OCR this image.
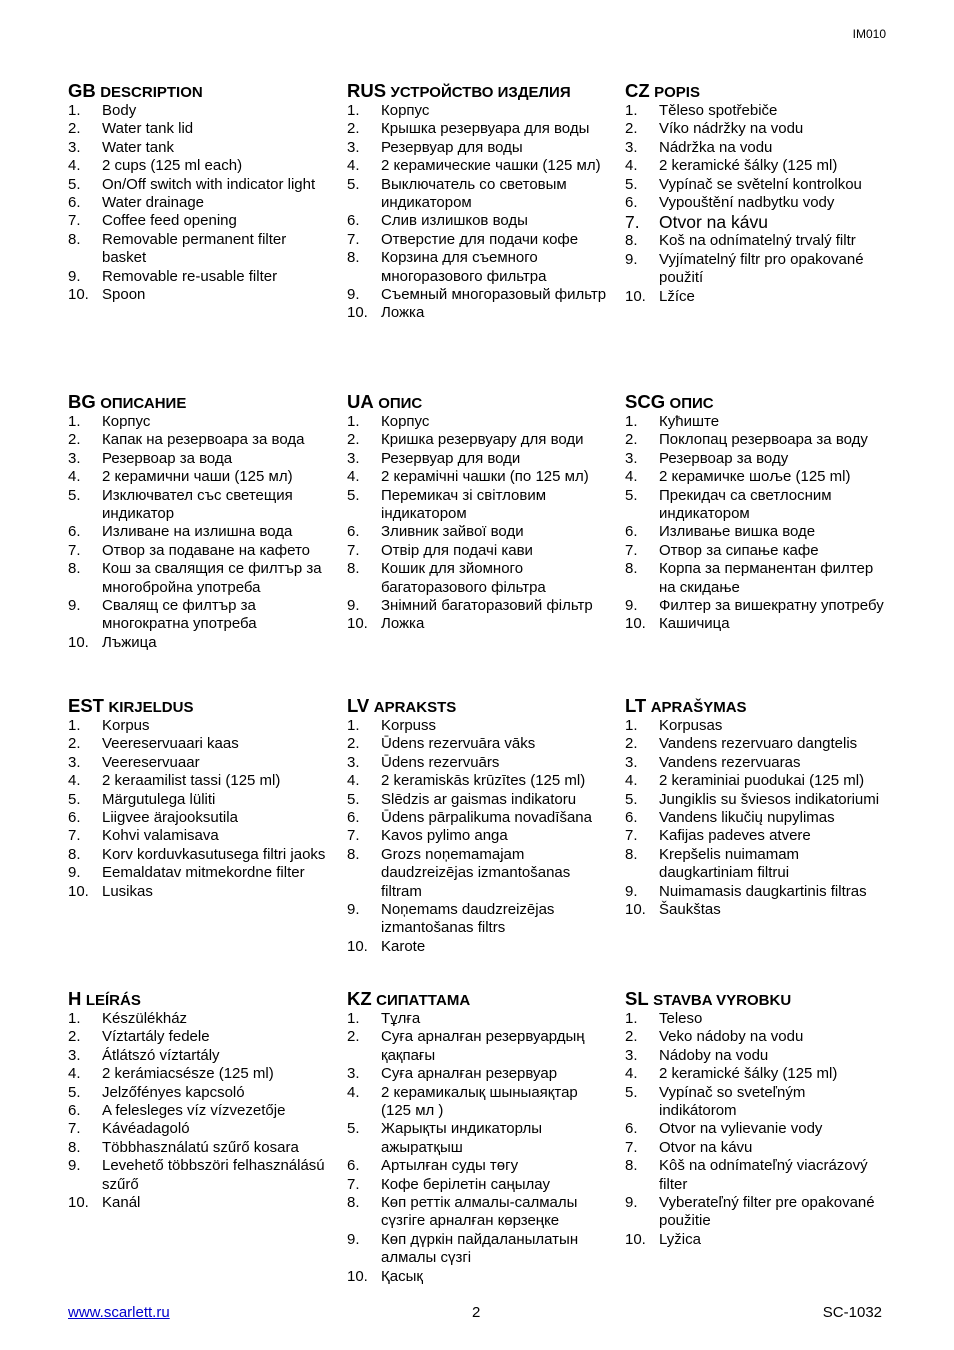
IM010
GB DESCRIPTION
1. Body
2. Water tank lid
3. Water tank
4. 2 cups (125 ml each)
5. On/Off switch with indicator light
6. Water drainage
7. Coffee feed opening
8. Removable permanent filter basket
9. Removable re-usable filter
10. Spoon
BG ОПИСАНИЕ
1. Корпус
2. Капак на резервоара за вода
3. Резервоар за вода
4. 2 керамични чаши (125 мл)
5. Изключвател със светещия индикатор
6. Изливане на излишна вода
7. Отвор за подаване на кафето
8. Кош за свалящия се филтър за многобройна употреба
9. Свалящ се филтър за многократна употреба
10. Лъжица
EST KIRJELDUS
1. Korpus
2. Veereservuaari kaas
3. Veereservuaar
4. 2 keraamilist tassi (125 ml)
5. Märgutulega lüliti
6. Liigvee ärajooksutila
7. Kohvi valamisava
8. Korv korduvkasutusega filtri jaoks
9. Eemaldatav mitmekordne filter
10. Lusikas
H LEÍRÁS
1. Készülékház
2. Víztartály fedele
3. Átlátszó víztartály
4. 2 kerámiacsésze (125 ml)
5. Jelzőfényes kapcsoló
6. A felesleges víz vízvezetője
7. Kávéadagoló
8. Többhasználatú szűrő kosara
9. Levehető többszöri felhasználású szűrő
10. Kanál
RUS УСТРОЙСТВО ИЗДЕЛИЯ
1. Корпус
2. Крышка резервуара для воды
3. Резервуар для воды
4. 2 керамические чашки (125 мл)
5. Выключатель со световым индикатором
6. Слив излишков воды
7. Отверстие для подачи кофе
8. Корзина для съемного многоразового фильтра
9. Съемный многоразовый фильтр
10. Ложка
UA ОПИС
1. Корпус
2. Кришка резервуару для води
3. Резервуар для води
4. 2 керамічні чашки (по 125 мл)
5. Перемикач зі світловим індикатором
6. Зливник зайвої води
7. Отвір для подачі кави
8. Кошик для зйомного багаторазового фільтра
9. Знімний багаторазовий фільтр
10. Ложка
LV APRAKSTS
1. Korpuss
2. Ūdens rezervuāra vāks
3. Ūdens rezervuārs
4. 2 keramiskās krūzītes (125 ml)
5. Slēdzis ar gaismas indikatoru
6. Ūdens pārpalikuma novadīšana
7. Kavos pylimo anga
8. Grozs noņemamajam daudzreizējas izmantošanas filtram
9. Noņemams daudzreizējas izmantošanas filtrs
10. Karote
KZ СИПАТТАМА
1. Тұлға
2. Суға арналған резервуардың қақпағы
3. Суға арналған резервуар
4. 2 керамикалық шыныаяқтар (125 мл )
5. Жарықты индикаторлы ажыратқыш
6. Артылған суды төгу
7. Кофе берілетін саңылау
8. Көп реттік алмалы-салмалы сүзгіге арналған көрзеңке
9. Көп дүркін пайдаланылатын алмалы сүзгі
10. Қасық
CZ POPIS
1. Těleso spotřebiče
2. Víko nádržky na vodu
3. Nádržka na vodu
4. 2 keramické šálky (125 ml)
5. Vypínač se světelní kontrolkou
6. Vypouštění nadbytku vody
7. Otvor na kávu
8. Koš na odnímatelný trvalý filtr
9. Vyjímatelný filtr pro opakované použití
10. Lžíce
SCG ОПИС
1. Кућиште
2. Поклопац резервоара за воду
3. Резервоар за воду
4. 2 керамичке шоље (125 ml)
5. Прекидач са светлосним индикатором
6. Изливање вишка воде
7. Отвор за сипање кафе
8. Корпа за перманентан филтер на скидање
9. Филтер за вишекратну употребу
10. Кашичица
LT APRAŠYMAS
1. Korpusas
2. Vandens rezervuaro dangtelis
3. Vandens rezervuaras
4. 2 keraminiai puodukai (125 ml)
5. Jungiklis su šviesos indikatoriumi
6. Vandens likučių nupylimas
7. Kafijas padeves atvere
8. Krepšelis nuimamam daugkartiniam filtrui
9. Nuimamasis daugkartinis filtras
10. Šaukštas
SL STAVBA VYROBKU
1. Teleso
2. Veko nádoby na vodu
3. Nádoby na vodu
4. 2 keramické šálky (125 ml)
5. Vypínač so sveteľným indikátorom
6. Otvor na vylievanie vody
7. Otvor na kávu
8. Kôš na odnímateľný viacrázový filter
9. Vyberateľný filter pre opakované použitie
10. Lyžica
www.scarlett.ru	2	SC-1032
